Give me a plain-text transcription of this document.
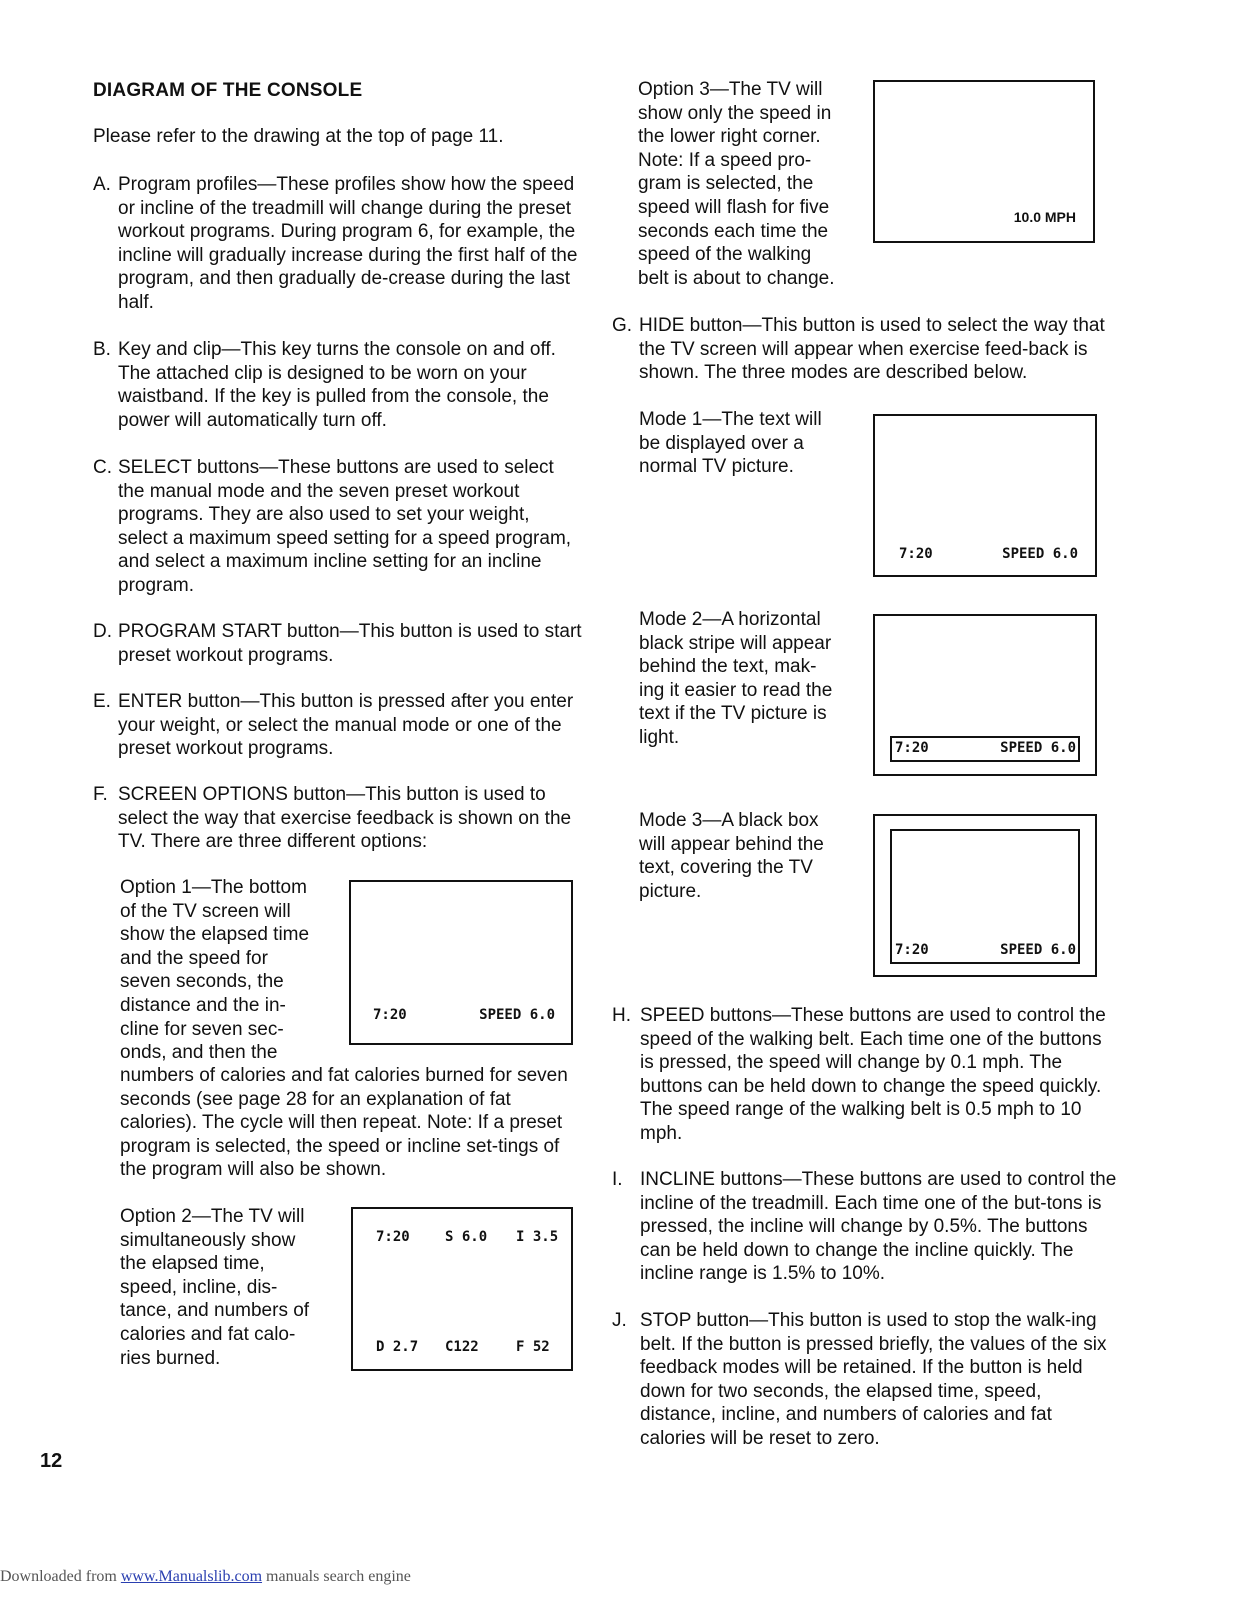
DIAGRAM OF THE CONSOLE
Please refer to the drawing at the top of page 11.
A. Program profiles—These profiles show how the speed or incline of the treadmill will change during the preset workout programs. During program 6, for example, the incline will gradually increase during the first half of the program, and then gradually de-crease during the last half.
B. Key and clip—This key turns the console on and off. The attached clip is designed to be worn on your waistband. If the key is pulled from the console, the power will automatically turn off.
C. SELECT buttons—These buttons are used to select the manual mode and the seven preset workout programs. They are also used to set your weight, select a maximum speed setting for a speed program, and select a maximum incline setting for an incline program.
D. PROGRAM START button—This button is used to start preset workout programs.
E. ENTER button—This button is pressed after you enter your weight, or select the manual mode or one of the preset workout programs.
F. SCREEN OPTIONS button—This button is used to select the way that exercise feedback is shown on the TV. There are three different options:
Option 1—The bottom
of the TV screen will
show the elapsed time
and the speed for
seven seconds, the
distance and the in-
cline for seven sec-
onds, and then the
7:20	SPEED 6.0
numbers of calories and fat calories burned for seven seconds (see page 28 for an explanation of fat calories). The cycle will then repeat. Note: If a preset program is selected, the speed or incline set-tings of the program will also be shown.
Option 2—The TV will
simultaneously show
the elapsed time,
speed, incline, dis-
tance, and numbers of
calories and fat calo-
ries burned.
7:20	S 6.0 I 3.5
D 2.7 C122	F 52
Option 3—The TV will
show only the speed in
the lower right corner.
Note: If a speed pro-
gram is selected, the
speed will flash for five
seconds each time the
speed of the walking
belt is about to change.
10.0 MPH
G. HIDE button—This button is used to select the way that the TV screen will appear when exercise feed-back is shown. The three modes are described below.
Mode 1—The text will
be displayed over a
normal TV picture.
7:20	SPEED 6.0
Mode 2—A horizontal
black stripe will appear
behind the text, mak-
ing it easier to read the
text if the TV picture is
light.
7:20	SPEED 6.0
Mode 3—A black box
will appear behind the
text, covering the TV
picture.
7:20	SPEED 6.0
H. SPEED buttons—These buttons are used to control the speed of the walking belt. Each time one of the buttons is pressed, the speed will change by 0.1 mph. The buttons can be held down to change the speed quickly. The speed range of the walking belt is 0.5 mph to 10 mph.
I. INCLINE buttons—These buttons are used to control the incline of the treadmill. Each time one of the but-tons is pressed, the incline will change by 0.5%. The buttons can be held down to change the incline quickly. The incline range is 1.5% to 10%.
J. STOP button—This button is used to stop the walk-ing belt. If the button is pressed briefly, the values of the six feedback modes will be retained. If the button is held down for two seconds, the elapsed time, speed, distance, incline, and numbers of calories and fat calories will be reset to zero.
12
Downloaded from www.Manualslib.com manuals search engine
